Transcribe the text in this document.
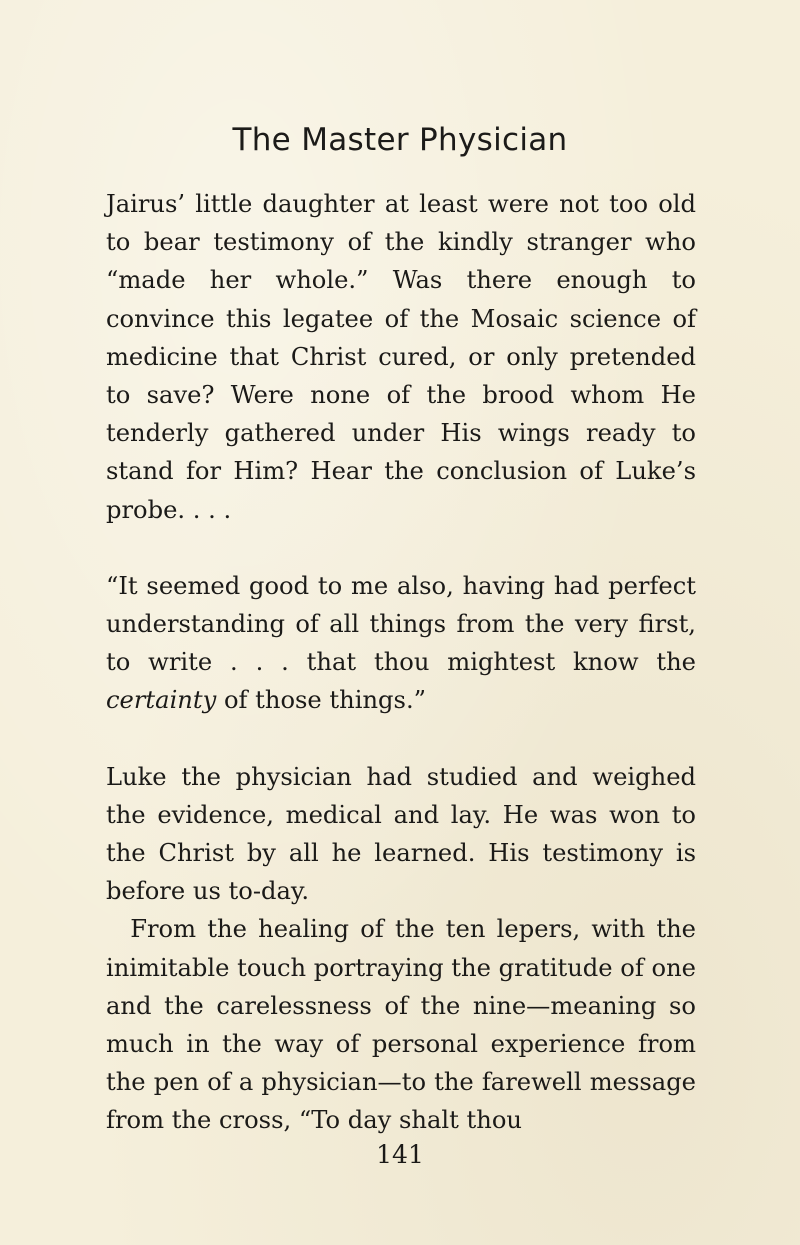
The Master Physician

Jairus’ little daughter at least were not too old to bear testimony of the kindly stranger who “made her whole.” Was there enough to convince this legatee of the Mosaic science of medicine that Christ cured, or only pretended to save? Were none of the brood whom He tenderly gathered under His wings ready to stand for Him? Hear the conclusion of Luke’s probe. . . .

“It seemed good to me also, having had perfect understanding of all things from the very first, to write . . . that thou mightest know the certainty of those things.”

Luke the physician had studied and weighed the evidence, medical and lay. He was won to the Christ by all he learned. His testimony is before us to-day.

From the healing of the ten lepers, with the inimitable touch portraying the gratitude of one and the carelessness of the nine—meaning so much in the way of personal experience from the pen of a physician—to the farewell message from the cross, “To day shalt thou

141
